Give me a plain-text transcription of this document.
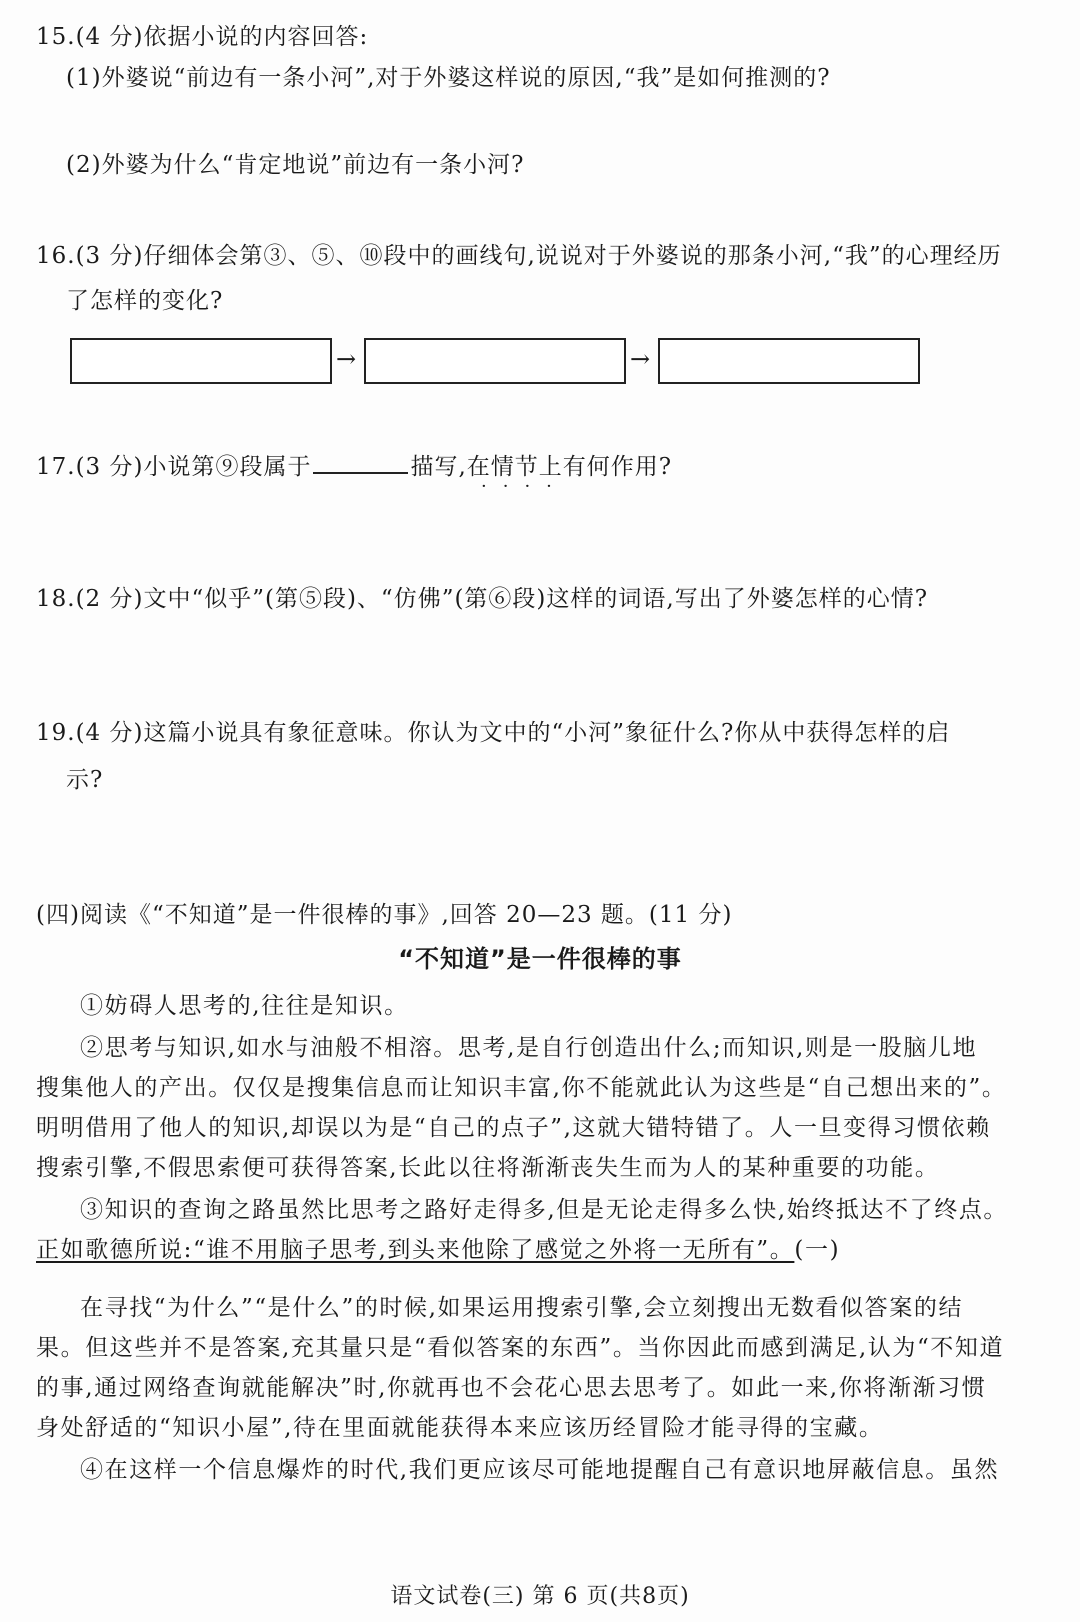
15.(4 分)依据小说的内容回答:
(1)外婆说“前边有一条小河”,对于外婆这样说的原因,“我”是如何推测的?
(2)外婆为什么“肯定地说”前边有一条小河?
16.(3 分)仔细体会第③、⑤、⑩段中的画线句,说说对于外婆说的那条小河,“我”的心理经历
了怎样的变化?
→	→
17.(3 分)小说第⑨段属于	描写,在情节上有何作用?
····
18.(2 分)文中“似乎”(第⑤段)、“仿佛”(第⑥段)这样的词语,写出了外婆怎样的心情?
19.(4 分)这篇小说具有象征意味。你认为文中的“小河”象征什么?你从中获得怎样的启
示?
(四)阅读《“不知道”是一件很棒的事》,回答 20—23 题。(11 分)
“不知道”是一件很棒的事
①妨碍人思考的,往往是知识。
②思考与知识,如水与油般不相溶。思考,是自行创造出什么;而知识,则是一股脑儿地
搜集他人的产出。仅仅是搜集信息而让知识丰富,你不能就此认为这些是“自己想出来的”。
明明借用了他人的知识,却误以为是“自己的点子”,这就大错特错了。人一旦变得习惯依赖
搜索引擎,不假思索便可获得答案,长此以往将渐渐丧失生而为人的某种重要的功能。
③知识的查询之路虽然比思考之路好走得多,但是无论走得多么快,始终抵达不了终点。
正如歌德所说:“谁不用脑子思考,到头来他除了感觉之外将一无所有”。(一)
在寻找“为什么”“是什么”的时候,如果运用搜索引擎,会立刻搜出无数看似答案的结
果。但这些并不是答案,充其量只是“看似答案的东西”。当你因此而感到满足,认为“不知道
的事,通过网络查询就能解决”时,你就再也不会花心思去思考了。如此一来,你将渐渐习惯
身处舒适的“知识小屋”,待在里面就能获得本来应该历经冒险才能寻得的宝藏。
④在这样一个信息爆炸的时代,我们更应该尽可能地提醒自己有意识地屏蔽信息。虽然
语文试卷(三) 第 6 页(共8页)
